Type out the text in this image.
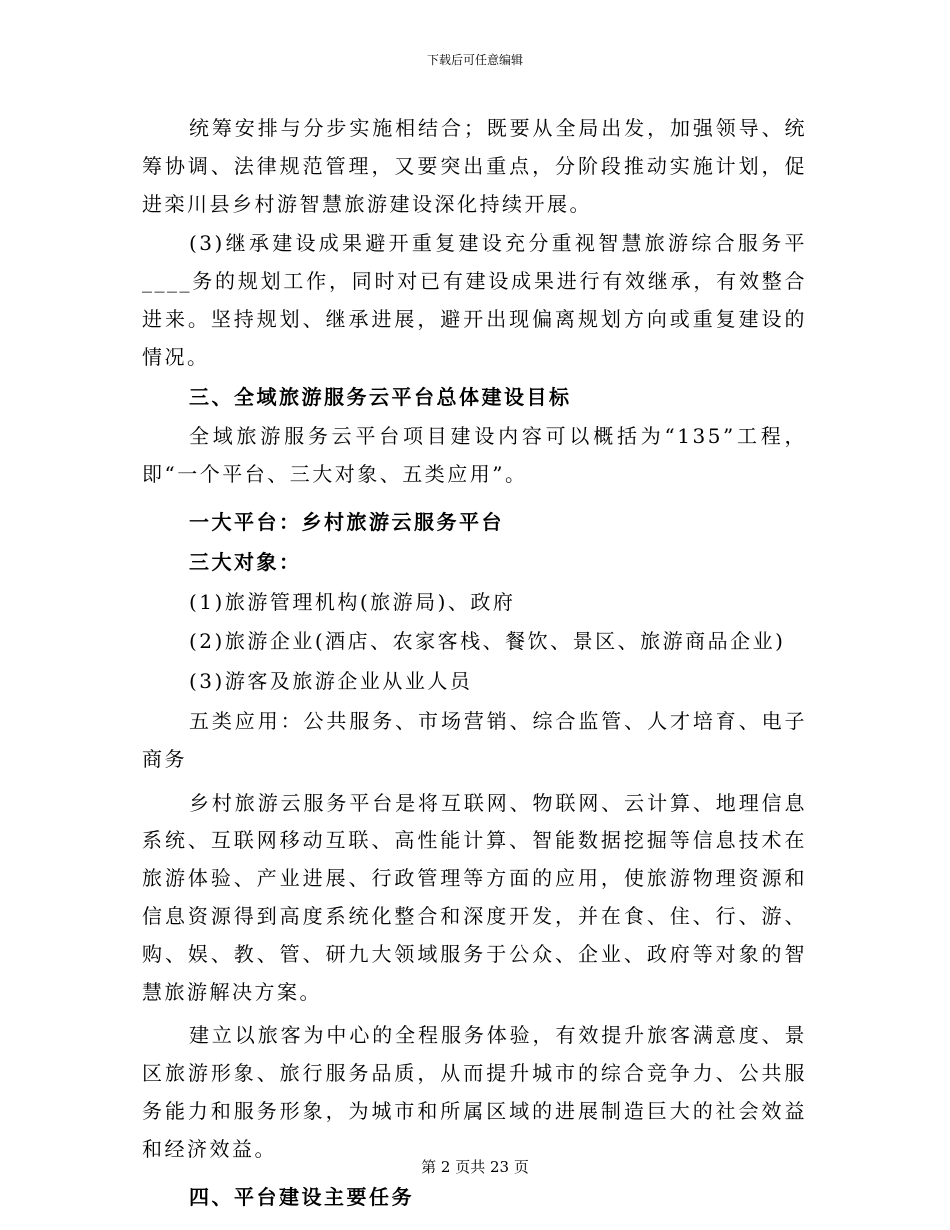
下载后可任意编辑

统筹安排与分步实施相结合；既要从全局出发，加强领导、统筹协调、法律规范管理，又要突出重点，分阶段推动实施计划，促进栾川县乡村游智慧旅游建设深化持续开展。

(3)继承建设成果避开重复建设充分重视智慧旅游综合服务平____务的规划工作，同时对已有建设成果进行有效继承，有效整合进来。坚持规划、继承进展，避开出现偏离规划方向或重复建设的情况。

三、全域旅游服务云平台总体建设目标

全域旅游服务云平台项目建设内容可以概括为“135”工程，即“一个平台、三大对象、五类应用”。

一大平台：乡村旅游云服务平台

三大对象：

(1)旅游管理机构(旅游局)、政府

(2)旅游企业(酒店、农家客栈、餐饮、景区、旅游商品企业)

(3)游客及旅游企业从业人员

五类应用：公共服务、市场营销、综合监管、人才培育、电子商务

乡村旅游云服务平台是将互联网、物联网、云计算、地理信息系统、互联网移动互联、高性能计算、智能数据挖掘等信息技术在旅游体验、产业进展、行政管理等方面的应用，使旅游物理资源和信息资源得到高度系统化整合和深度开发，并在食、住、行、游、购、娱、教、管、研九大领域服务于公众、企业、政府等对象的智慧旅游解决方案。

建立以旅客为中心的全程服务体验，有效提升旅客满意度、景区旅游形象、旅行服务品质，从而提升城市的综合竞争力、公共服务能力和服务形象，为城市和所属区域的进展制造巨大的社会效益和经济效益。

四、平台建设主要任务

第 2 页共 23 页
